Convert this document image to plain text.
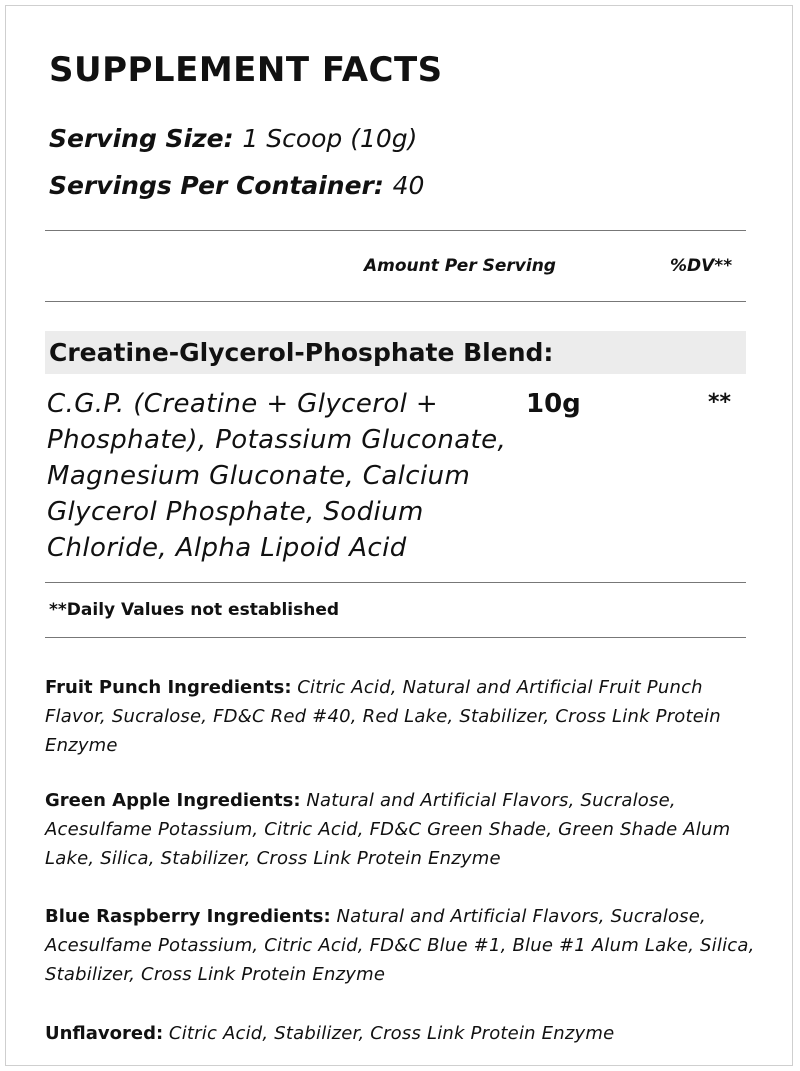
SUPPLEMENT FACTS
Serving Size: 1 Scoop (10g)
Servings Per Container: 40
Amount Per Serving	%DV**
Creatine-Glycerol-Phosphate Blend:

C.G.P. (Creatine + Glycerol + Phosphate), Potassium Gluconate, Magnesium Gluconate, Calcium Glycerol Phosphate, Sodium Chloride, Alpha Lipoid Acid

10g	**
**Daily Values not established

Fruit Punch Ingredients: Citric Acid, Natural and Artificial Fruit Punch Flavor, Sucralose, FD&C Red #40, Red Lake, Stabilizer, Cross Link Protein Enzyme

Green Apple Ingredients: Natural and Artificial Flavors, Sucralose, Acesulfame Potassium, Citric Acid, FD&C Green Shade, Green Shade Alum Lake, Silica, Stabilizer, Cross Link Protein Enzyme

Blue Raspberry Ingredients: Natural and Artificial Flavors, Sucralose, Acesulfame Potassium, Citric Acid, FD&C Blue #1, Blue #1 Alum Lake, Silica, Stabilizer, Cross Link Protein Enzyme

Unflavored: Citric Acid, Stabilizer, Cross Link Protein Enzyme
